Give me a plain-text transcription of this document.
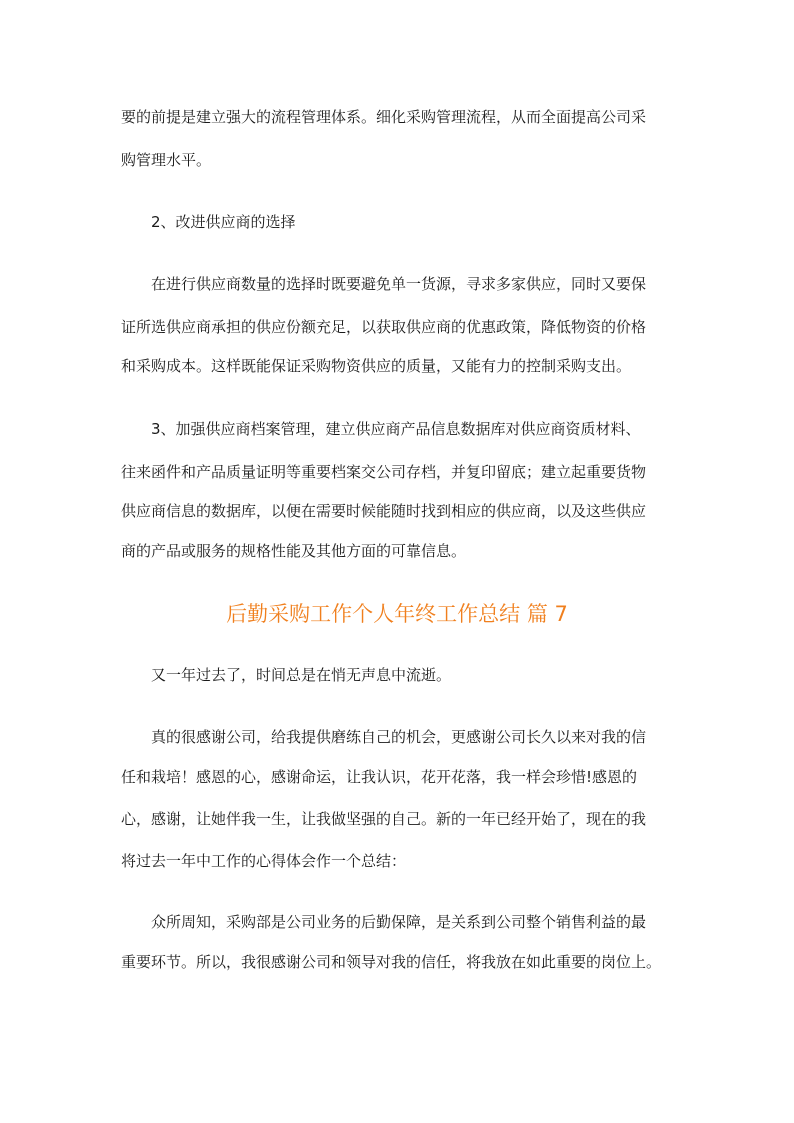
要的前提是建立强大的流程管理体系。细化采购管理流程，从而全面提高公司采
购管理水平。
2、改进供应商的选择
在进行供应商数量的选择时既要避免单一货源，寻求多家供应，同时又要保
证所选供应商承担的供应份额充足，以获取供应商的优惠政策，降低物资的价格
和采购成本。这样既能保证采购物资供应的质量，又能有力的控制采购支出。
3、加强供应商档案管理，建立供应商产品信息数据库对供应商资质材料、
往来函件和产品质量证明等重要档案交公司存档，并复印留底；建立起重要货物
供应商信息的数据库，以便在需要时候能随时找到相应的供应商，以及这些供应
商的产品或服务的规格性能及其他方面的可靠信息。
后勤采购工作个人年终工作总结 篇 7
又一年过去了，时间总是在悄无声息中流逝。
真的很感谢公司，给我提供磨练自己的机会，更感谢公司长久以来对我的信
任和栽培！感恩的心，感谢命运，让我认识，花开花落，我一样会珍惜!感恩的
心，感谢，让她伴我一生，让我做坚强的自己。新的一年已经开始了，现在的我
将过去一年中工作的心得体会作一个总结：
众所周知，采购部是公司业务的后勤保障，是关系到公司整个销售利益的最
重要环节。所以，我很感谢公司和领导对我的信任，将我放在如此重要的岗位上。
